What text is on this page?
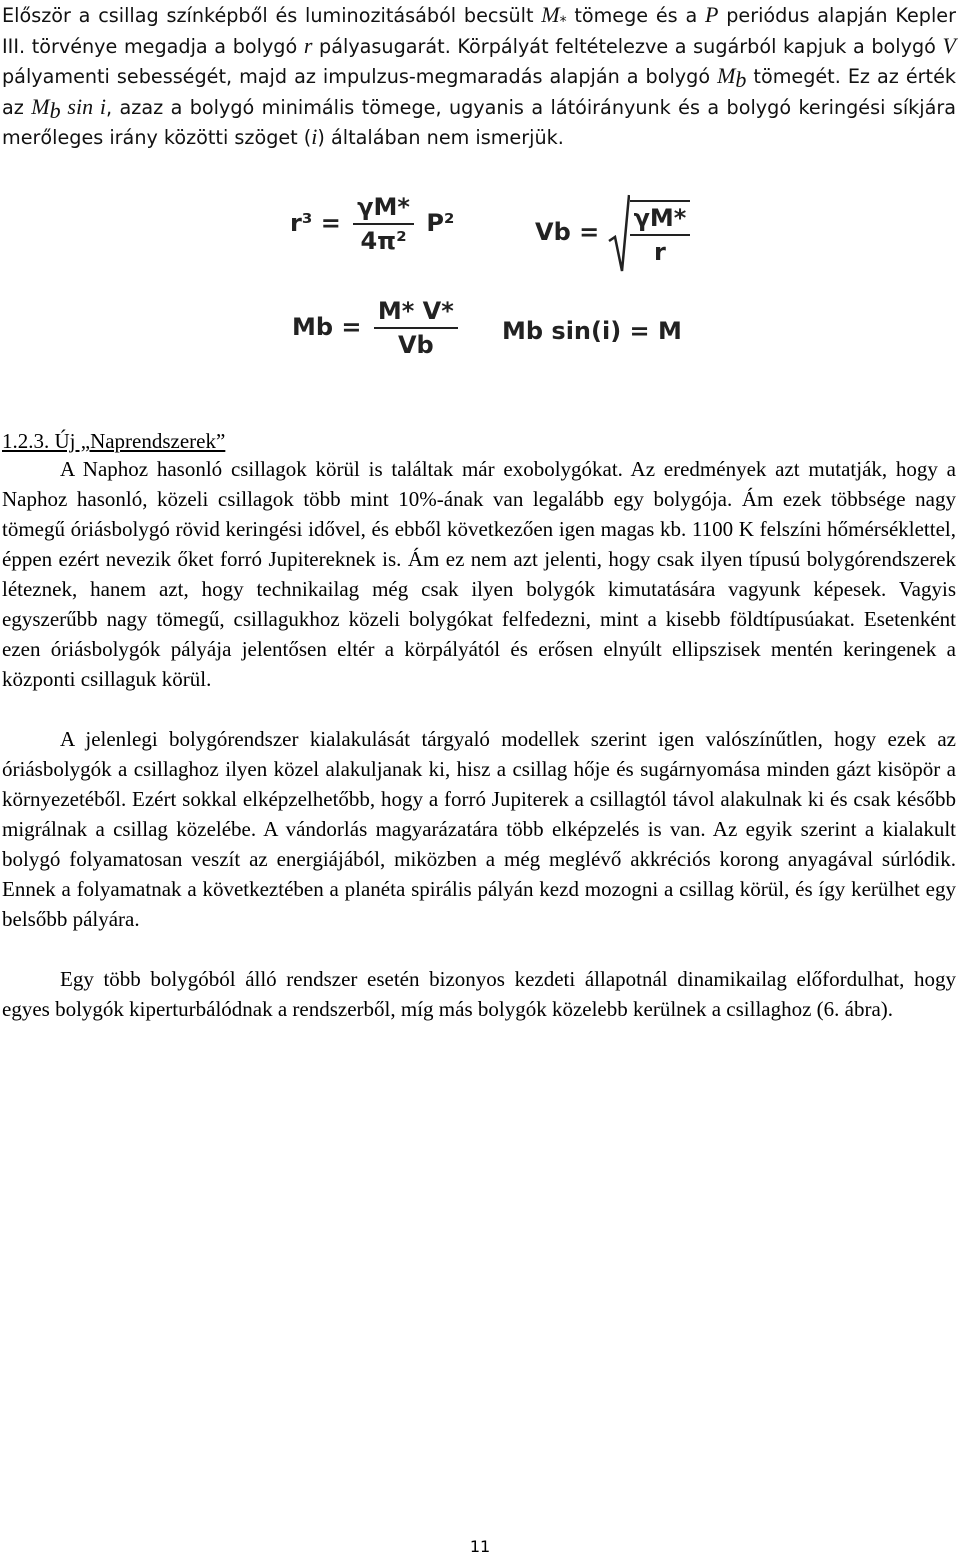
Először a csillag színképből és luminozitásából becsült $M_*$ tömege és a P periódus alapján Kepler III. törvénye megadja a bolygó r pályasugarát. Körpályát feltételezve a sugárból kapjuk a bolygó V pályamenti sebességét, majd az impulzus-megmaradás alapján a bolygó $M_b$ tömegét. Ez az érték az $M_b$ sin i, azaz a bolygó minimális tömege, ugyanis a látóirányunk és a bolygó keringési síkjára merőleges irány közötti szöget (i) általában nem ismerjük.
$r^3 = \frac{\gamma M*}{\text{4π²}} P^2$	$Vb = \frac{\gamma M*}{r}$
$Mb = \frac{M* V*}{Vb}$ Mb sin(i) = M
1.2.3. Új „Naprendszerek”
A Naphoz hasonló csillagok körül is találtak már exobolygókat. Az eredmények azt mutatják, hogy a Naphoz hasonló, közeli csillagok több mint 10%-ának van legalább egy bolygója. Ám ezek többsége nagy tömegű óriásbolygó rövid keringési idővel, és ebből következően igen magas kb. 1100 K felszíni hőmérséklettel, éppen ezért nevezik őket forró Jupitereknek is. Ám ez nem azt jelenti, hogy csak ilyen típusú bolygórendszerek léteznek, hanem azt, hogy technikailag még csak ilyen bolygók kimutatására vagyunk képesek. Vagyis egyszerűbb nagy tömegű, csillagukhoz közeli bolygókat felfedezni, mint a kisebb földtípusúakat. Esetenként ezen óriásbolygók pályája jelentősen eltér a körpályától és erősen elnyúlt ellipszisek mentén keringenek a központi csillaguk körül.
A jelenlegi bolygórendszer kialakulását tárgyaló modellek szerint igen valószínűtlen, hogy ezek az óriásbolygók a csillaghoz ilyen közel alakuljanak ki, hisz a csillag hője és sugárnyomása minden gázt kisöpör a környezetéből. Ezért sokkal elképzelhetőbb, hogy a forró Jupiterek a csillagtól távol alakulnak ki és csak később migrálnak a csillag közelébe. A vándorlás magyarázatára több elképzelés is van. Az egyik szerint a kialakult bolygó folyamatosan veszít az energiájából, miközben a még meglévő akkréciós korong anyagával súrlódik. Ennek a folyamatnak a következtében a planéta spirális pályán kezd mozogni a csillag körül, és így kerülhet egy belsőbb pályára.
Egy több bolygóból álló rendszer esetén bizonyos kezdeti állapotnál dinamikailag előfordulhat, hogy egyes bolygók kiperturbálódnak a rendszerből, míg más bolygók közelebb kerülnek a csillaghoz (6. ábra).
11
